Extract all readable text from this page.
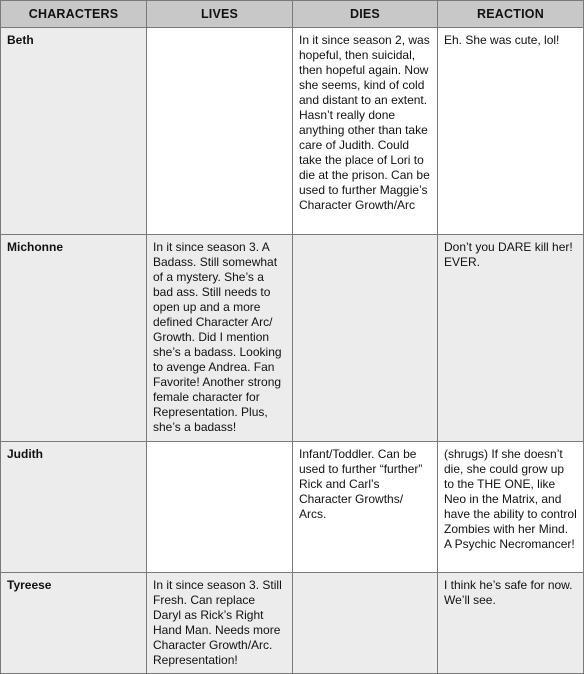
CHARACTERS	LIVES	DIES	REACTION

Beth		In it since season 2, was hopeful, then suicidal, then hopeful again. Now she seems, kind of cold and distant to an extent. Hasn’t really done anything other than take care of Judith. Could take the place of Lori to die at the prison. Can be used to further Maggie’s Character Growth/Arc	Eh. She was cute, lol!

Michonne	In it since season 3. A Badass. Still somewhat of a mystery. She’s a bad ass. Still needs to open up and a more defined Character Arc/ Growth. Did I mention she’s a badass. Looking to avenge Andrea. Fan Favorite! Another strong female character for Representation. Plus, she’s a badass!		Don’t you DARE kill her! EVER.

Judith		Infant/Toddler. Can be used to further “further” Rick and Carl’s Character Growths/ Arcs.	(shrugs) If she doesn’t die, she could grow up to the THE ONE, like Neo in the Matrix, and have the ability to control Zombies with her Mind. A Psychic Necromancer!

Tyreese	In it since season 3. Still Fresh. Can replace Daryl as Rick’s Right Hand Man. Needs more Character Growth/Arc. Representation!		I think he’s safe for now. We’ll see.
